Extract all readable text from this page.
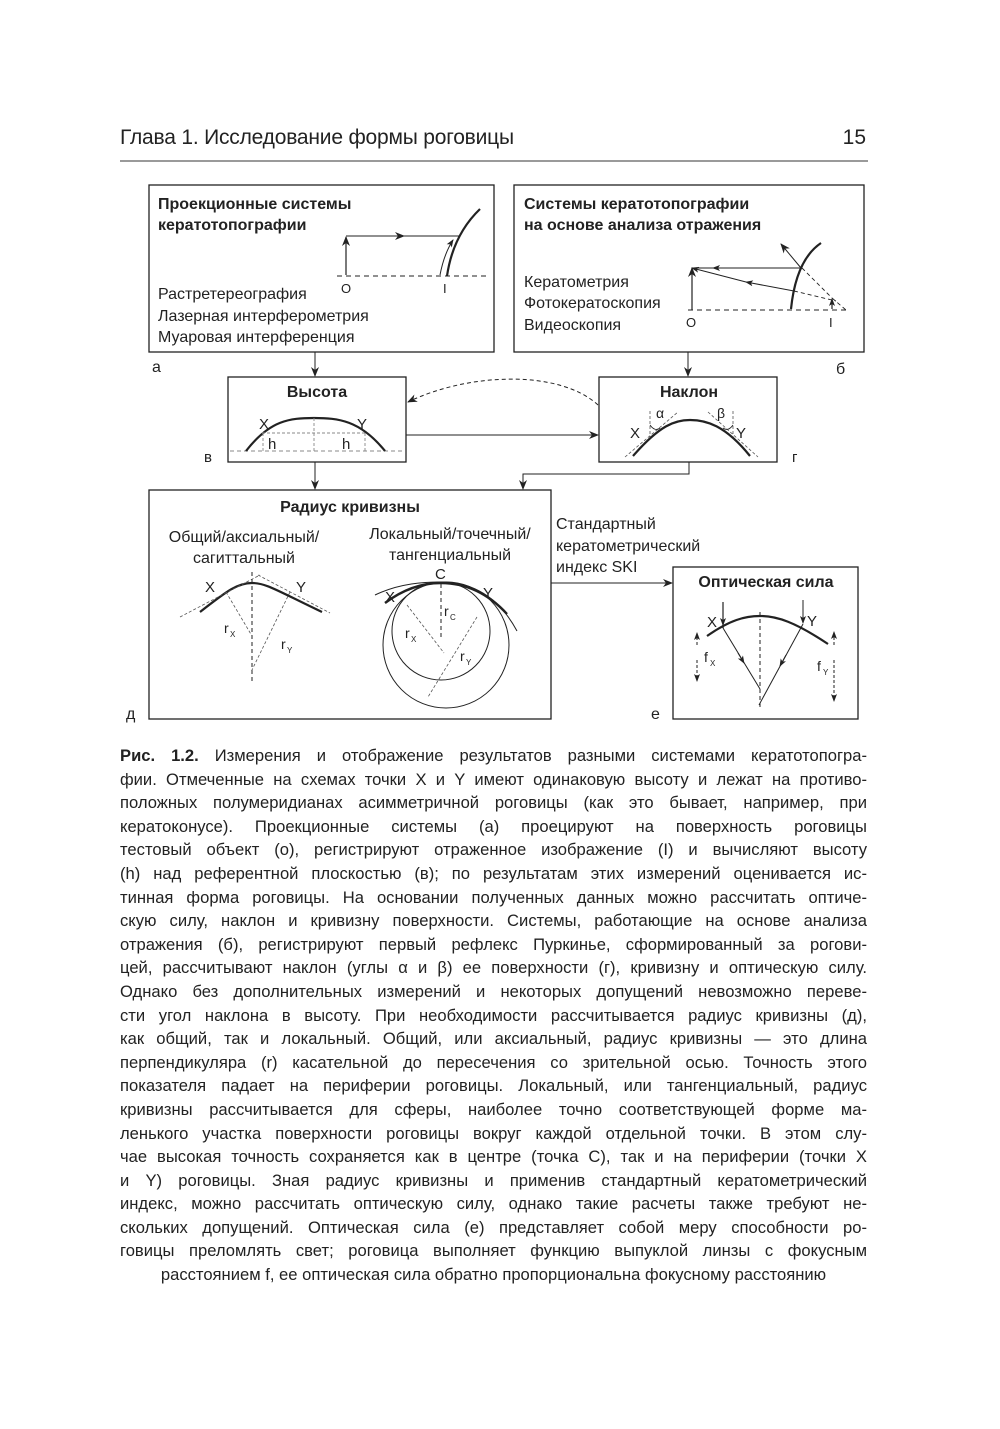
Глава 1. Исследование формы роговицы	15
Проекционные системы
кератотопографии
Растретереография
Лазерная интерферометрия
Муаровая интерференция
O	I
а
Системы кератотопографии
на основе анализа отражения
Кератометрия
Фотокератоскопия
Видеоскопия	O	I
б
Высота
X	Y
h	h
в
Наклон
α	β
X	Y
г
Радиус кривизны
Общий/аксиальный/
сагиттальный
Локальный/точечный/
тангенциальный
X	Y
r X
r Y
C
X	Y
r C
r X
r Y
д
Стандартный
кератометрический
индекс SKI
Оптическая сила
X	Y
f X	f Y
е
Рис. 1.2. Измерения и отображение результатов разными системами кератотопогра-
фии. Отмеченные на схемах точки X и Y имеют одинаковую высоту и лежат на противо-
положных полумеридианах асимметричной роговицы (как это бывает, например, при
кератоконусе). Проекционные системы (а) проецируют на поверхность роговицы
тестовый объект (о), регистрируют отраженное изображение (I) и вычисляют высоту
(h) над референтной плоскостью (в); по результатам этих измерений оценивается ис-
тинная форма роговицы. На основании полученных данных можно рассчитать оптиче-
скую силу, наклон и кривизну поверхности. Системы, работающие на основе анализа
отражения (б), регистрируют первый рефлекс Пуркинье, сформированный за рогови-
цей, рассчитывают наклон (углы α и β) ее поверхности (г), кривизну и оптическую силу.
Однако без дополнительных измерений и некоторых допущений невозможно переве-
сти угол наклона в высоту. При необходимости рассчитывается радиус кривизны (д),
как общий, так и локальный. Общий, или аксиальный, радиус кривизны — это длина
перпендикуляра (r) касательной до пересечения со зрительной осью. Точность этого
показателя падает на периферии роговицы. Локальный, или тангенциальный, радиус
кривизны рассчитывается для сферы, наиболее точно соответствующей форме ма-
ленького участка поверхности роговицы вокруг каждой отдельной точки. В этом слу-
чае высокая точность сохраняется как в центре (точка С), так и на периферии (точки X
и Y) роговицы. Зная радиус кривизны и применив стандартный кератометрический
индекс, можно рассчитать оптическую силу, однако такие расчеты также требуют не-
скольких допущений. Оптическая сила (е) представляет собой меру способности ро-
говицы преломлять свет; роговица выполняет функцию выпуклой линзы с фокусным
расстоянием f, ее оптическая сила обратно пропорциональна фокусному расстоянию
